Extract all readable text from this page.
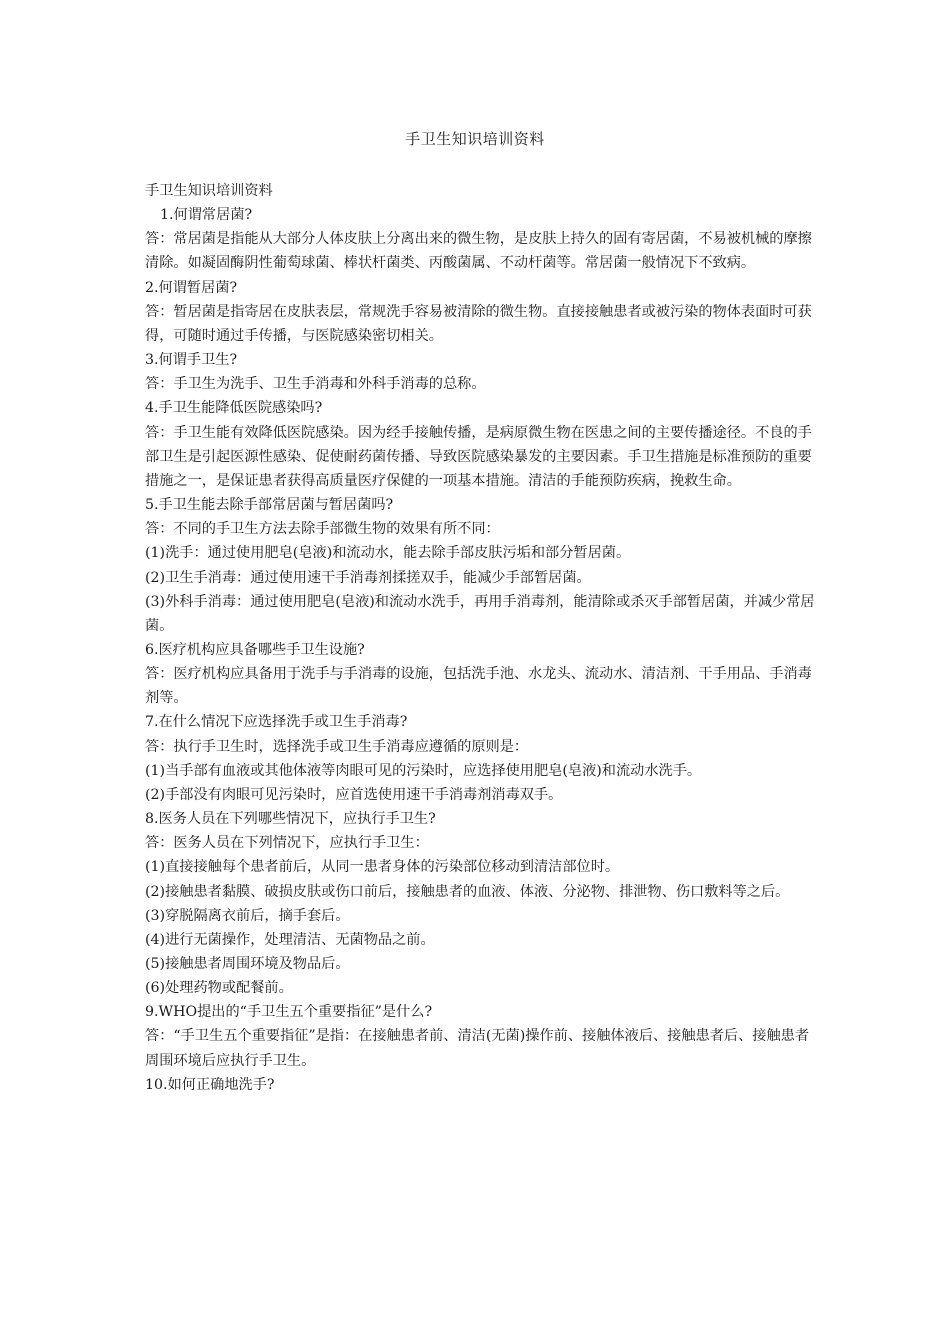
手卫生知识培训资料

手卫生知识培训资料

1.何谓常居菌?

答：常居菌是指能从大部分人体皮肤上分离出来的微生物，是皮肤上持久的固有寄居菌，不易被机械的摩擦清除。如凝固酶阴性葡萄球菌、棒状杆菌类、丙酸菌属、不动杆菌等。常居菌一般情况下不致病。

2.何谓暂居菌?

答：暂居菌是指寄居在皮肤表层，常规洗手容易被清除的微生物。直接接触患者或被污染的物体表面时可获得，可随时通过手传播，与医院感染密切相关。

3.何谓手卫生?

答：手卫生为洗手、卫生手消毒和外科手消毒的总称。

4.手卫生能降低医院感染吗?

答：手卫生能有效降低医院感染。因为经手接触传播，是病原微生物在医患之间的主要传播途径。不良的手部卫生是引起医源性感染、促使耐药菌传播、导致医院感染暴发的主要因素。手卫生措施是标准预防的重要措施之一，是保证患者获得高质量医疗保健的一项基本措施。清洁的手能预防疾病，挽救生命。

5.手卫生能去除手部常居菌与暂居菌吗?

答：不同的手卫生方法去除手部微生物的效果有所不同：

(1)洗手：通过使用肥皂(皂液)和流动水，能去除手部皮肤污垢和部分暂居菌。

(2)卫生手消毒：通过使用速干手消毒剂揉搓双手，能减少手部暂居菌。

(3)外科手消毒：通过使用肥皂(皂液)和流动水洗手，再用手消毒剂，能清除或杀灭手部暂居菌，并减少常居菌。

6.医疗机构应具备哪些手卫生设施?

答：医疗机构应具备用于洗手与手消毒的设施，包括洗手池、水龙头、流动水、清洁剂、干手用品、手消毒剂等。

7.在什么情况下应选择洗手或卫生手消毒?

答：执行手卫生时，选择洗手或卫生手消毒应遵循的原则是：

(1)当手部有血液或其他体液等肉眼可见的污染时，应选择使用肥皂(皂液)和流动水洗手。

(2)手部没有肉眼可见污染时，应首选使用速干手消毒剂消毒双手。

8.医务人员在下列哪些情况下，应执行手卫生?

答：医务人员在下列情况下，应执行手卫生：

(1)直接接触每个患者前后，从同一患者身体的污染部位移动到清洁部位时。

(2)接触患者黏膜、破损皮肤或伤口前后，接触患者的血液、体液、分泌物、排泄物、伤口敷料等之后。

(3)穿脱隔离衣前后，摘手套后。

(4)进行无菌操作，处理清洁、无菌物品之前。

(5)接触患者周围环境及物品后。

(6)处理药物或配餐前。

9.WHO提出的“手卫生五个重要指征”是什么?

答：“手卫生五个重要指征”是指：在接触患者前、清洁(无菌)操作前、接触体液后、接触患者后、接触患者周围环境后应执行手卫生。

10.如何正确地洗手?
